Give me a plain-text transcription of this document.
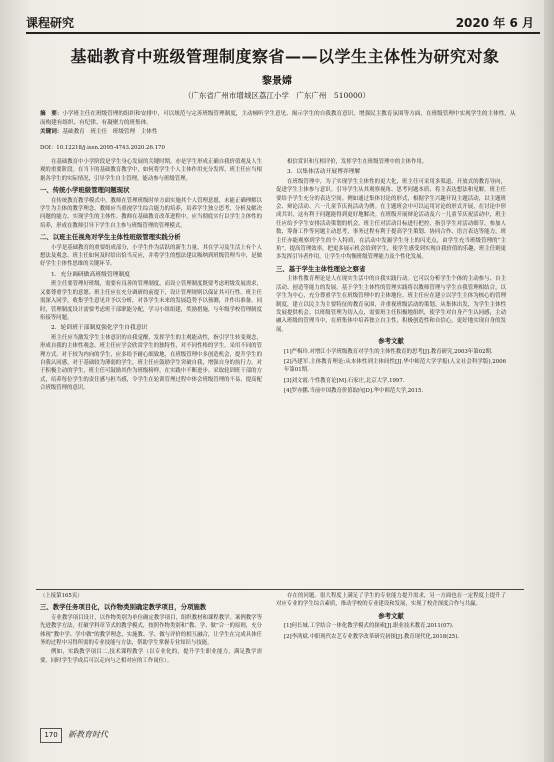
课程研究	2020 年 6 月
基础教育中班级管理制度察省——以学生主体性为研究对象
黎景嫦
（广东省广州市增城区荔江小学　广东广州　510000）
摘　要：小学班主任在班级管理的组织和安排中，可以规范与完善班级管理制度，主动倾听学生意见、揭示学生的自我教育意识，增强民主教育氛围等方面，在班级管理中实现学生的主体性，从而构建有组织、有纪律、有凝聚力的班集体。
关键词：基础教育　班主任　班级管理　主体性
DOI：10.12218/j.issn.2095-4743.2020.26.170

在基础教育中小学阶段是学生身心发展的关键时期，亦是学生形成正确自我价值观及人生观的重要阶段。在当下的基础教育教学中，如何将学生个人主体作用充分发挥，班主任应当根据各学生的实际情况，引导学生自主管理，能动参与班级管理。

一、传统小学班级管理问题现状

在传统教育教学模式中，教师在管理班级时单方面实施其个人管理意愿，未能正确理解以学生为主体的教学理念。教师应当重视学生综合能力的培养，培养学生独立思考、分析及解决问题的能力，实现学生的主体性。教师在基础教育改革进程中，应当彻底实行以学生主体性的培养，形成在教师引导下学生自主参与班级管理的管理模式。

二、以班主任视角对学生主体性班级管理实践分析

小学是基础教育的重要组成部分，小学生作为活跃的新生力量，其在学习及生活上有个人想法及观念。班主任如何及时给出恰当反应，并将学生的想法建议吸纳到班级管理当中，是做好学生主体性思维的关键环节。

1．充分调研做高班级管理制度

班主任要管理好班级，需要有良善的管理制度。而设立管理制度既要考虑班级发展需求，又要尊重学生的意愿。班主任应在充分调研的前提下，设计管理规则以保证其可行性。班主任需深入同学，收集学生意见并予以分析，对各学生未来的发展趋势予以预测，并作出准备。同时，管理制度设计需要考虑班干部职能分配，学习小组组建，奖励措施，与年级学校管理制度衔接等问题。

2．轮训班干部制度强化学生自我意识

班主任应当激发学生主体意识的自我觉醒，发挥学生的主观能动性，指引学生转变观念，形成自我的主体性观念。班主任应学会欣赏学生的独特性，对不同性格的学生，采用不同的管理方式。对于较为内向的学生，应多给予耐心细致地，在班级管理中多创造机会，提升学生的自我认同感。对于基础较为薄弱的学生，班主任应鼓励学生突破自我，增强自身的执行力。对于积极主动的学生，班主任可鼓励其作为班级榜样，在实践中不断进步。采取轮训班干部的方式，培养每位学生的责任感与担当感，令学生在轮训管理过程中体会班级管理的不易，提高配合班级管理的意识。

相信赏识和互相评价，发挥学生在班级管理中的主体作用。

3．以集体活动开展博弈理解

在班级管理中，为了实现学生主体性的更大化，班主任可采用多渠道、开放式的教育导向，促进学生主体参与意识。引导学生从其观察视角、思考问题本质，将主表达想法和见解。班主任要给予学生充分的表达空间。例如通过集体讨论的形式，根据学生兴趣开设主题活动，以主题班会、辩论活动、六一儿童节庆祝活动为例。在主题班会中可以运用讨论的形式开展，在讨论中形成共识，这有利于问题能得到更好地解决。在班级开展辩论活动及六一儿童节庆祝活动中，班主任应给予学生安排活动策划的机会，班主任对活动目标进行把控，指引学生对活动细节，参加人数、筹备工作等问题主动思考，事务过程有利于提高学生策划、协同合作、语言表达等能力，班主任亦能观察到学生的个人特质，在活动中发掘学生身上的闪光点，由学生充当班级管理的“主角”，提高管理效率，把更多展示机会给到学生，使学生感受到实现自我价值的乐趣，班主任则更多发挥引导者作用，让学生中均衡班级管理能力及个性化发展。

三、基于学生主体性理论之察省

主体性教育理论是人在现实生活中的自我实践行动。它可以分析学生个体的主动参与、自主活动、创造等能力的发展。基于学生主体性的管理实践将以教师管理与学生自我管理相结合，以学生为中心，充分尊重学生在班级管理中的主体地位。班主任应在建立以学生主体为核心的管理制度，建立以民主为主要特征的教育氛围，并重视班级活动的策划。从集体出发，为学生主体性发展提供机会。以班级管理为切入点，需要班主任积极地组织，使学生对自身产生认同感，主动融入班级的管理当中，在班集体中培养独立自主性，积极创造性和自信心，更好地实现自身的发展。

参考文献

[1]严梅玲.对增江小学班级教育对学生的主体性教育的思考[J].教育研究,2003年第02期.

[2]冯建军.主体教育理论:从本体性到主体间性[J].华中师范大学学报(人文社会科学版),2006年第01期.

[3]刘文霞.个性教育论[M].石家庄,北京大学,1997.

[4]罗亦鹏.当前中国教育价值取向[D].华中师范大学,2015.

（上接第165页）

三、教学任务项目化，以作物类别确定教学项目，分项施教

专业教学项目设计，以作物类别为单位确定教学项目，组织教材和课程教学。案例教学等先进教学方法，打破学科章节式的教学模式，按照作物类别和“教、学、做”合一的原则，充分体现“教中学、学中做”的教学理念，实施教、学、做与评价的相互融合，让学生在完成具体任务的过程中习得所需的专业技能与方法，帮助学生掌握专业知识与技能。

例如，实践教学项目二,技术课程教学（以专业化的，提升学生职业能力，满足教学需要，同时学生学成后可以走向与之相对应的工作岗位）。

存在的问题。很大程度上满足了学生的专业能力提升需求，另一方面也在一定程度上提升了对应专业的学生综合素质，推动学校的专业建设和发展，实现了校企深度合作与共赢。

参考文献

[1]何长城.工学结合一体化教学模式的探索[J].职业技术教育,2011(07).

[2]李鸿斌.中职现代农艺专业教学改革研究初探[J].教育现代化,2018(25).

170	新教育时代
